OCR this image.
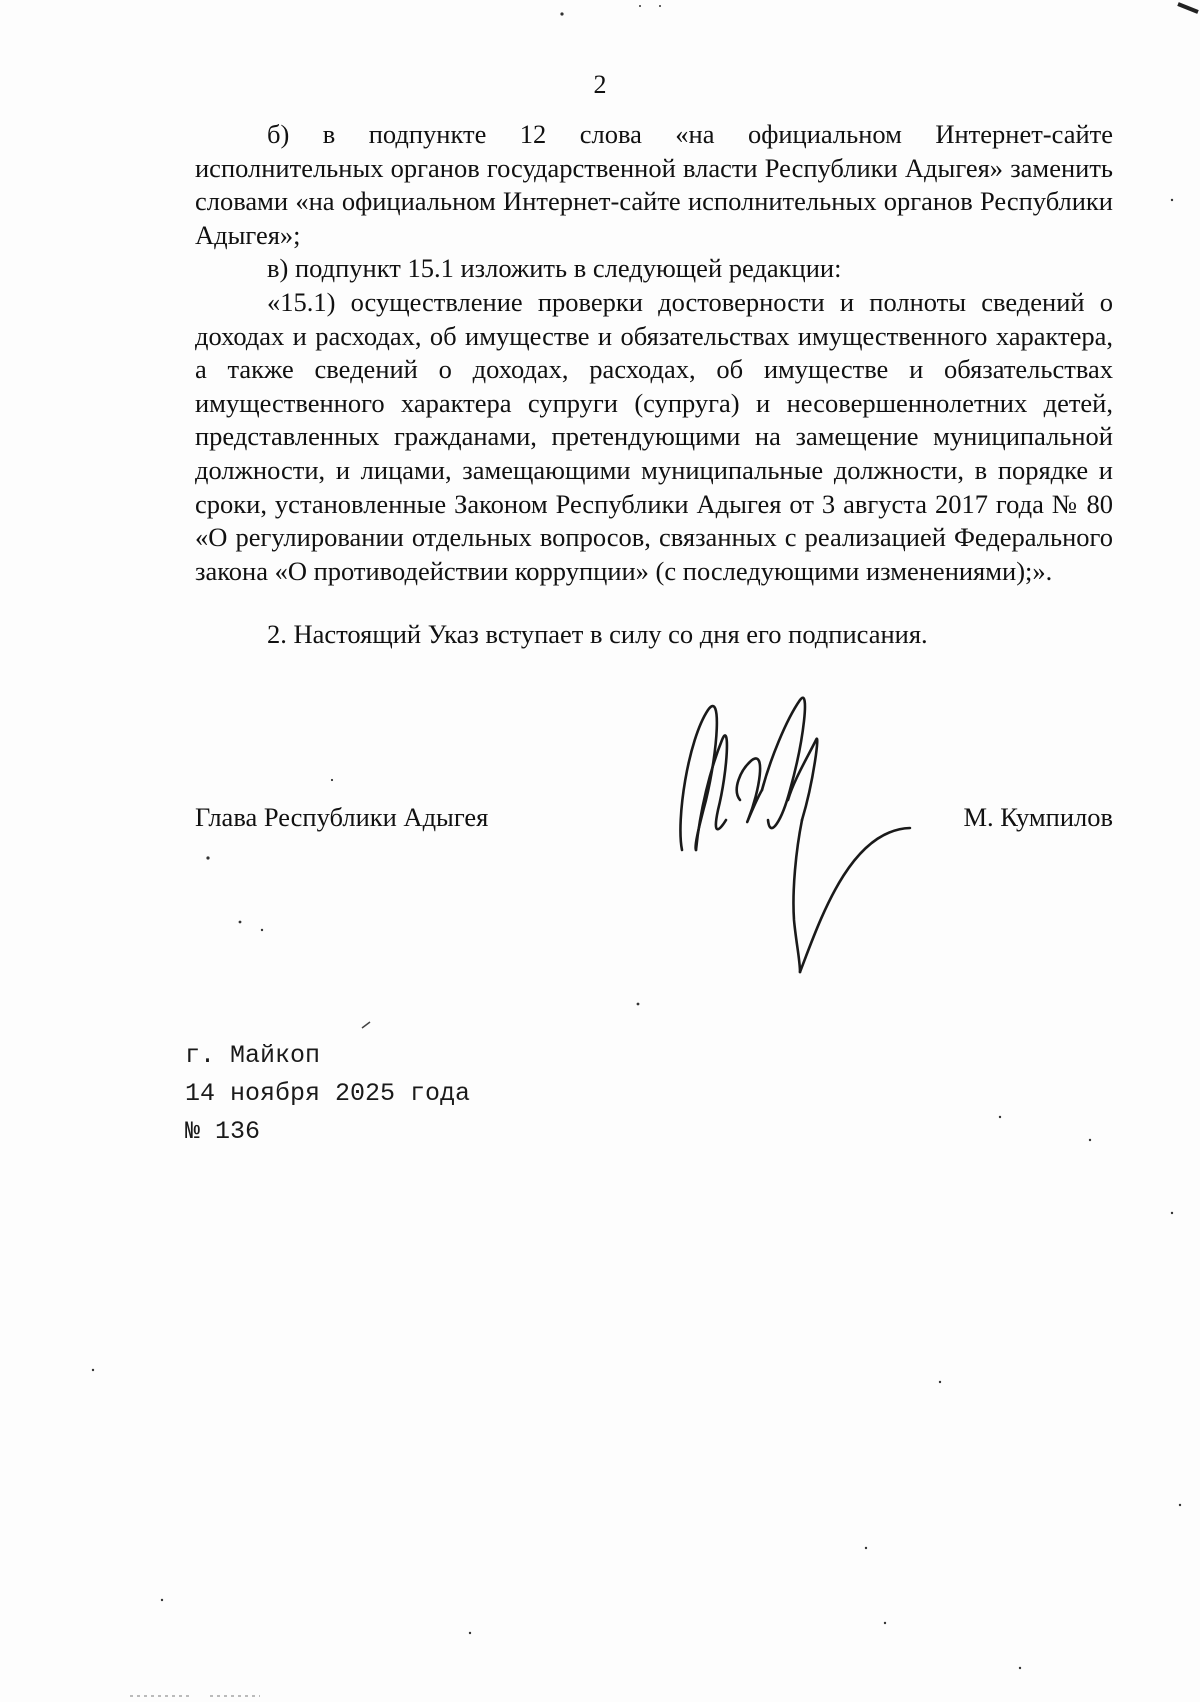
2

б) в подпункте 12 слова «на официальном Интернет-сайте исполнительных органов государственной власти Республики Адыгея» заменить словами «на официальном Интернет-сайте исполнительных органов Республики Адыгея»;

в) подпункт 15.1 изложить в следующей редакции:

«15.1) осуществление проверки достоверности и полноты сведений о доходах и расходах, об имуществе и обязательствах имущественного характера, а также сведений о доходах, расходах, об имуществе и обязательствах имущественного характера супруги (супруга) и несовершеннолетних детей, представленных гражданами, претендующими на замещение муниципальной должности, и лицами, замещающими муниципальные должности, в порядке и сроки, установленные Законом Республики Адыгея от 3 августа 2017 года № 80 «О регулировании отдельных вопросов, связанных с реализацией Федерального закона «О противодействии коррупции» (с последующими изменениями);».

2. Настоящий Указ вступает в силу со дня его подписания.

Глава Республики Адыгея	М. Кумпилов
г. Майкоп
14 ноября 2025 года
№ 136
